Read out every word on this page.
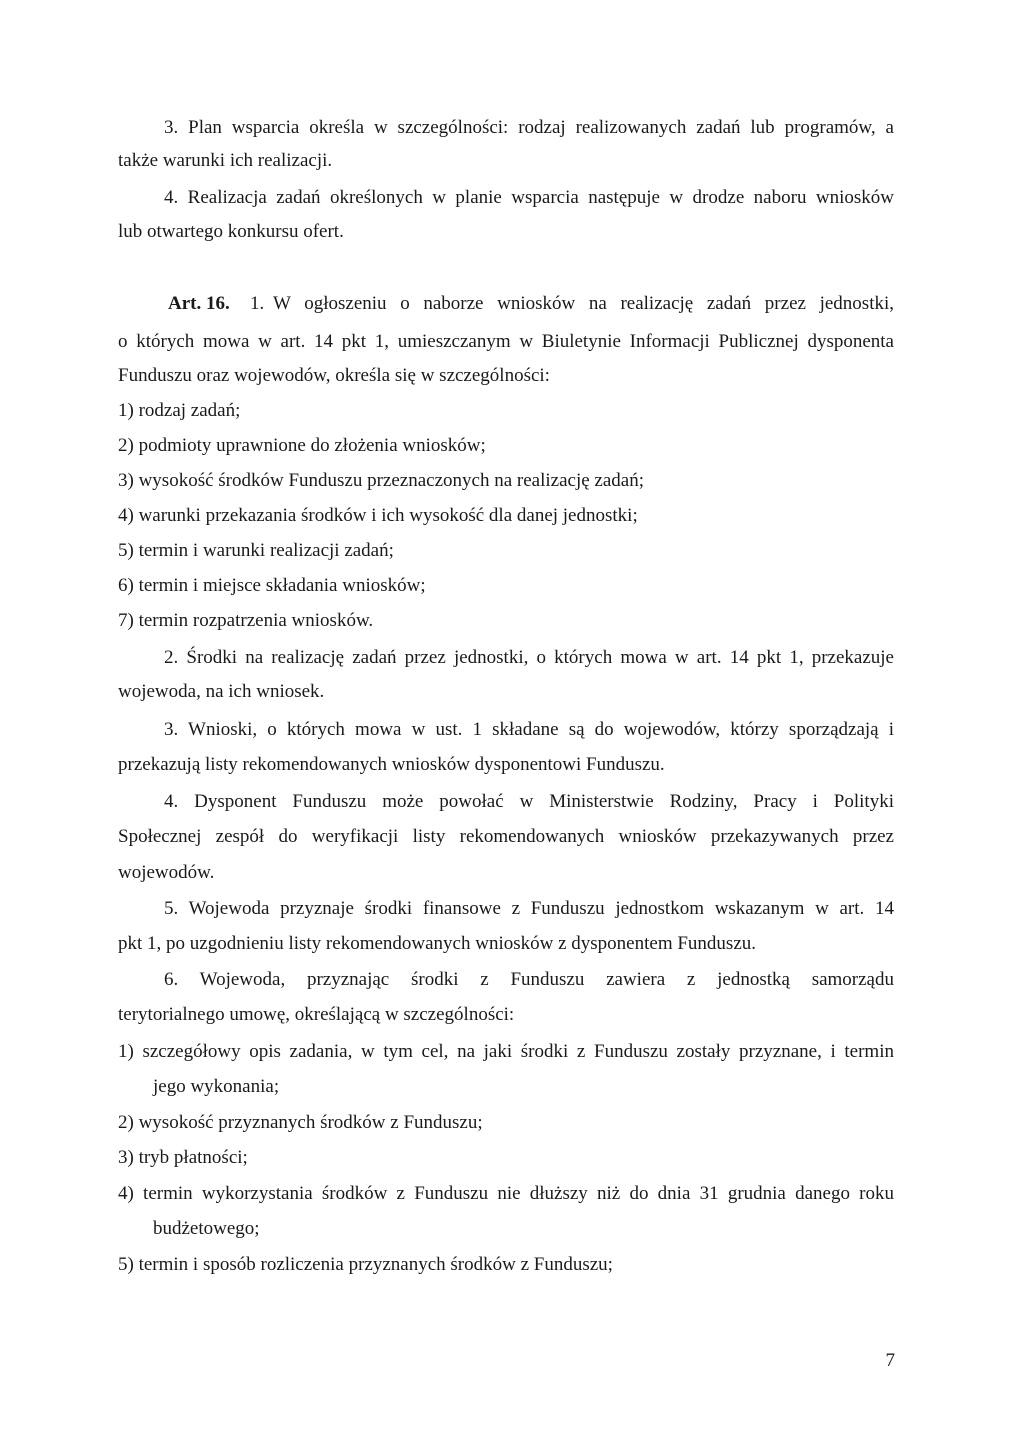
3. Plan wsparcia określa w szczególności: rodzaj realizowanych zadań lub programów, a

także warunki ich realizacji.

4. Realizacja zadań określonych w planie wsparcia następuje w drodze naboru wniosków

lub otwartego konkursu ofert.

Art. 16. 1. W ogłoszeniu o naborze wniosków na realizację zadań przez jednostki,

o których mowa w art. 14 pkt 1, umieszczanym w Biuletynie Informacji Publicznej dysponenta

Funduszu oraz wojewodów, określa się w szczególności:

1) rodzaj zadań;

2) podmioty uprawnione do złożenia wniosków;

3) wysokość środków Funduszu przeznaczonych na realizację zadań;

4) warunki przekazania środków i ich wysokość dla danej jednostki;

5) termin i warunki realizacji zadań;

6) termin i miejsce składania wniosków;

7) termin rozpatrzenia wniosków.

2. Środki na realizację zadań przez jednostki, o których mowa w art. 14 pkt 1, przekazuje

wojewoda, na ich wniosek.

3. Wnioski, o których mowa w ust. 1 składane są do wojewodów, którzy sporządzają i

przekazują listy rekomendowanych wniosków dysponentowi Funduszu.

4. Dysponent Funduszu może powołać w Ministerstwie Rodziny, Pracy i Polityki

Społecznej zespół do weryfikacji listy rekomendowanych wniosków przekazywanych przez

wojewodów.

5. Wojewoda przyznaje środki finansowe z Funduszu jednostkom wskazanym w art. 14

pkt 1, po uzgodnieniu listy rekomendowanych wniosków z dysponentem Funduszu.

6. Wojewoda, przyznając środki z Funduszu zawiera z jednostką samorządu

terytorialnego umowę, określającą w szczególności:

1) szczegółowy opis zadania, w tym cel, na jaki środki z Funduszu zostały przyznane, i termin

jego wykonania;

2) wysokość przyznanych środków z Funduszu;

3) tryb płatności;

4) termin wykorzystania środków z Funduszu nie dłuższy niż do dnia 31 grudnia danego roku

budżetowego;

5) termin i sposób rozliczenia przyznanych środków z Funduszu;

7
